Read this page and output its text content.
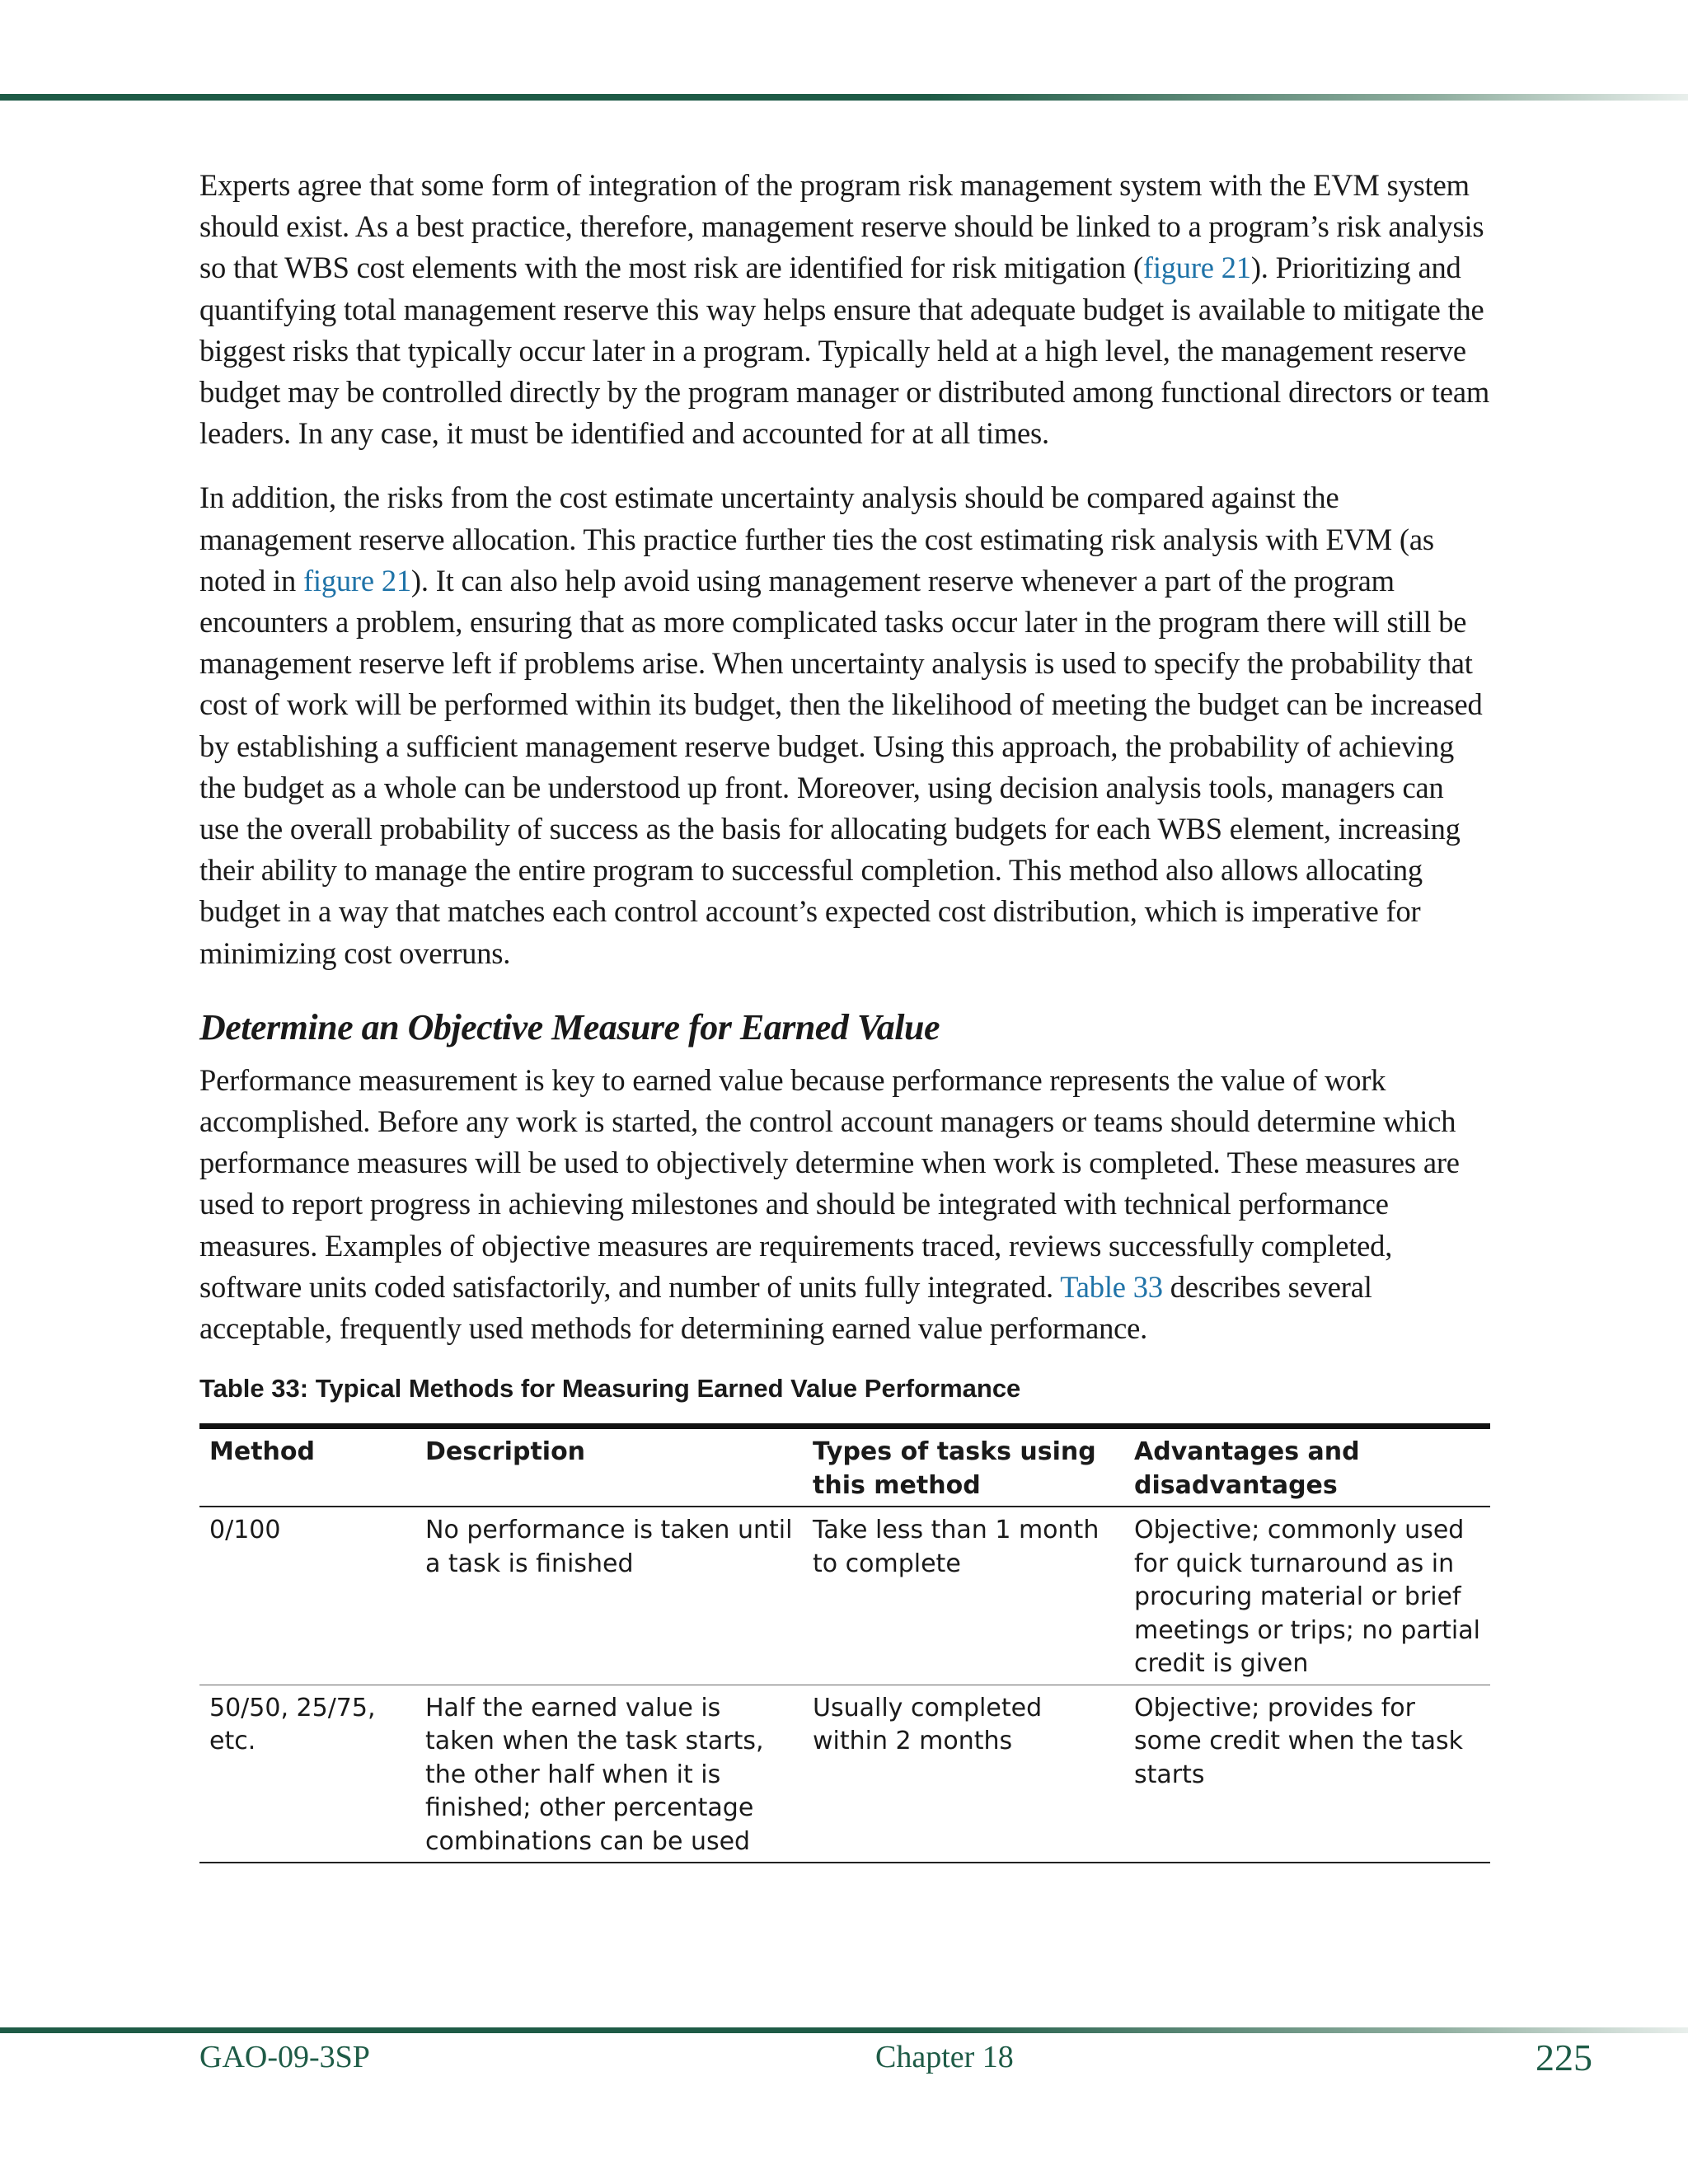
Experts agree that some form of integration of the program risk management system with the EVM system should exist. As a best practice, therefore, management reserve should be linked to a program’s risk analysis so that WBS cost elements with the most risk are identified for risk mitigation (figure 21). Prioritizing and quantifying total management reserve this way helps ensure that adequate budget is available to mitigate the biggest risks that typically occur later in a program. Typically held at a high level, the management reserve budget may be controlled directly by the program manager or distributed among functional directors or team leaders. In any case, it must be identified and accounted for at all times.

In addition, the risks from the cost estimate uncertainty analysis should be compared against the management reserve allocation. This practice further ties the cost estimating risk analysis with EVM (as noted in figure 21). It can also help avoid using management reserve whenever a part of the program encounters a problem, ensuring that as more complicated tasks occur later in the program there will still be management reserve left if problems arise. When uncertainty analysis is used to specify the probability that cost of work will be performed within its budget, then the likelihood of meeting the budget can be increased by establishing a sufficient management reserve budget. Using this approach, the probability of achieving the budget as a whole can be understood up front. Moreover, using decision analysis tools, managers can use the overall probability of success as the basis for allocating budgets for each WBS element, increasing their ability to manage the entire program to successful completion. This method also allows allocating budget in a way that matches each control account’s expected cost distribution, which is imperative for minimizing cost overruns.

Determine an Objective Measure for Earned Value

Performance measurement is key to earned value because performance represents the value of work accomplished. Before any work is started, the control account managers or teams should determine which performance measures will be used to objectively determine when work is completed. These measures are used to report progress in achieving milestones and should be integrated with technical performance measures. Examples of objective measures are requirements traced, reviews successfully completed, software units coded satisfactorily, and number of units fully integrated. Table 33 describes several acceptable, frequently used methods for determining earned value performance.

Table 33: Typical Methods for Measuring Earned Value Performance
Method	Description	Types of tasks using this method	Advantages and disadvantages
0/100	No performance is taken until a task is finished	Take less than 1 month to complete	Objective; commonly used for quick turnaround as in procuring material or brief meetings or trips; no partial credit is given
50/50, 25/75, etc.	Half the earned value is taken when the task starts, the other half when it is finished; other percentage combinations can be used	Usually completed within 2 months	Objective; provides for some credit when the task starts
GAO-09-3SP	Chapter 18	225
